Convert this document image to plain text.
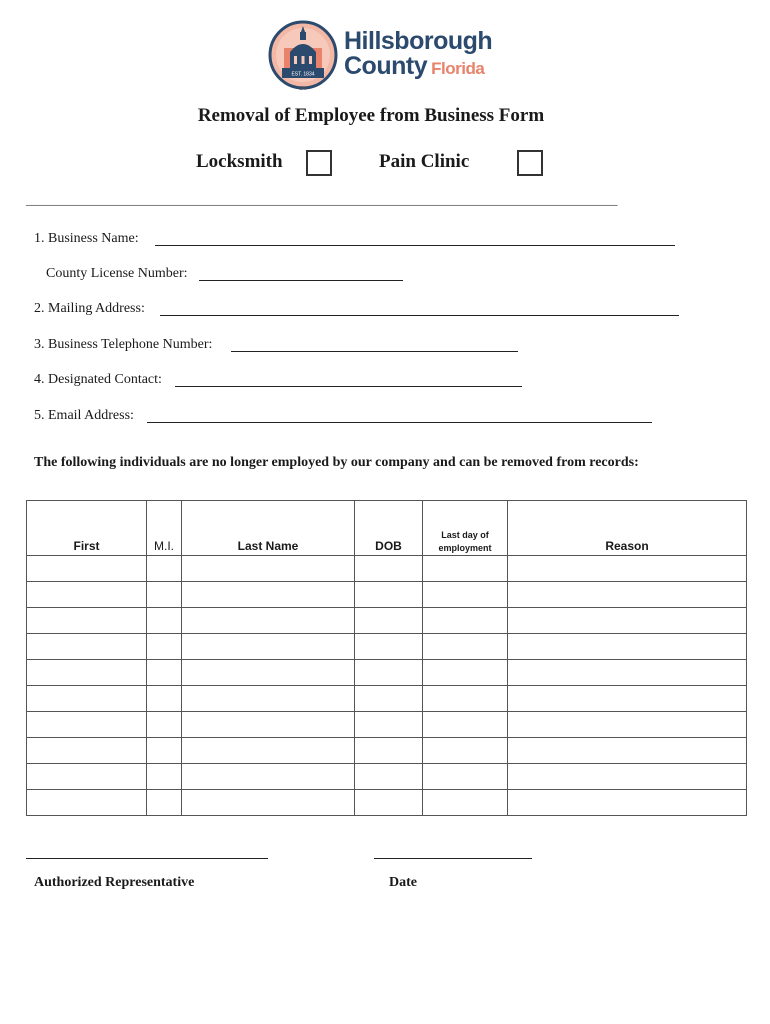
EST. 1834
Hillsborough
County Florida
SM
Removal of Employee from Business Form
Locksmith	Pain Clinic
___________________________________________________________________________________________
1. Business Name:
County License Number:
2. Mailing Address:
3. Business Telephone Number:
4. Designated Contact:
5. Email Address:
The following individuals are no longer employed by our company and can be removed from records:
First	M.I.	Last Name	DOB	Last day of employment	Reason

Authorized Representative	Date
